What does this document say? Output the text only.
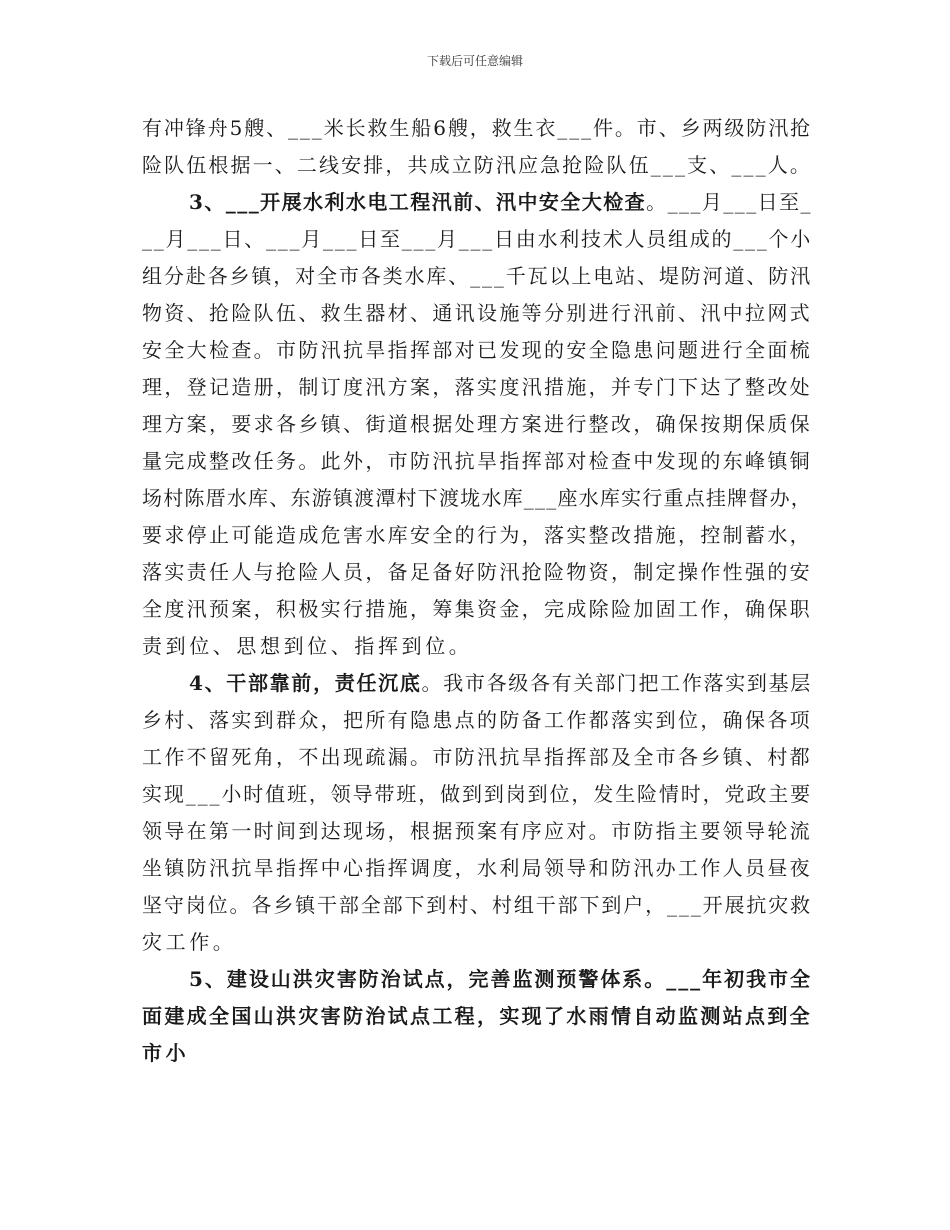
下载后可任意编辑
有冲锋舟5艘、___米长救生船6艘，救生衣___件。市、乡两级防汛抢
险队伍根据一、二线安排，共成立防汛应急抢险队伍___支、___人。
3、___开展水利水电工程汛前、汛中安全大检查。___月___日至_
__月___日、___月___日至___月___日由水利技术人员组成的___个小
组分赴各乡镇，对全市各类水库、___千瓦以上电站、堤防河道、防汛
物资、抢险队伍、救生器材、通讯设施等分别进行汛前、汛中拉网式
安全大检查。市防汛抗旱指挥部对已发现的安全隐患问题进行全面梳
理，登记造册，制订度汛方案，落实度汛措施，并专门下达了整改处
理方案，要求各乡镇、街道根据处理方案进行整改，确保按期保质保
量完成整改任务。此外，市防汛抗旱指挥部对检查中发现的东峰镇铜
场村陈厝水库、东游镇渡潭村下渡垅水库___座水库实行重点挂牌督办，
要求停止可能造成危害水库安全的行为，落实整改措施，控制蓄水，
落实责任人与抢险人员，备足备好防汛抢险物资，制定操作性强的安
全度汛预案，积极实行措施，筹集资金，完成除险加固工作，确保职
责到位、思想到位、指挥到位。
4、干部靠前，责任沉底。我市各级各有关部门把工作落实到基层
乡村、落实到群众，把所有隐患点的防备工作都落实到位，确保各项
工作不留死角，不出现疏漏。市防汛抗旱指挥部及全市各乡镇、村都
实现___小时值班，领导带班，做到到岗到位，发生险情时，党政主要
领导在第一时间到达现场，根据预案有序应对。市防指主要领导轮流
坐镇防汛抗旱指挥中心指挥调度，水利局领导和防汛办工作人员昼夜
坚守岗位。各乡镇干部全部下到村、村组干部下到户，___开展抗灾救
灾工作。
5、建设山洪灾害防治试点，完善监测预警体系。___年初我市全
面建成全国山洪灾害防治试点工程，实现了水雨情自动监测站点到全
市小
